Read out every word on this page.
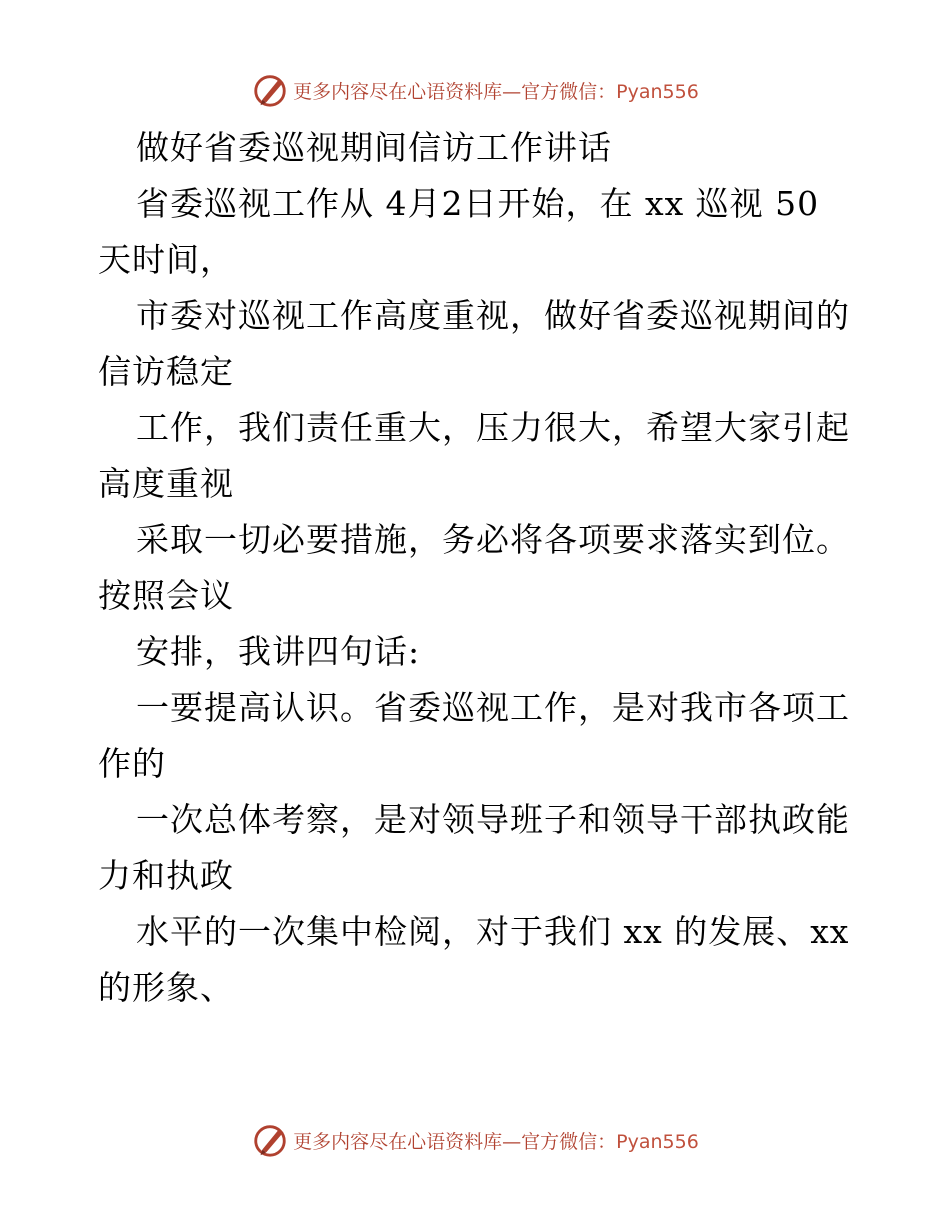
更多内容尽在心语资料库—官方微信：Pyan556
做好省委巡视期间信访工作讲话
省委巡视工作从 4月2日开始，在 xx 巡视 50
天时间，
市委对巡视工作高度重视，做好省委巡视期间的
信访稳定
工作，我们责任重大，压力很大，希望大家引起
高度重视
采取一切必要措施，务必将各项要求落实到位。
按照会议
安排，我讲四句话:
一要提高认识。省委巡视工作，是对我市各项工
作的
一次总体考察，是对领导班子和领导干部执政能
力和执政
水平的一次集中检阅，对于我们 xx 的发展、xx
的形象、
更多内容尽在心语资料库—官方微信：Pyan556
